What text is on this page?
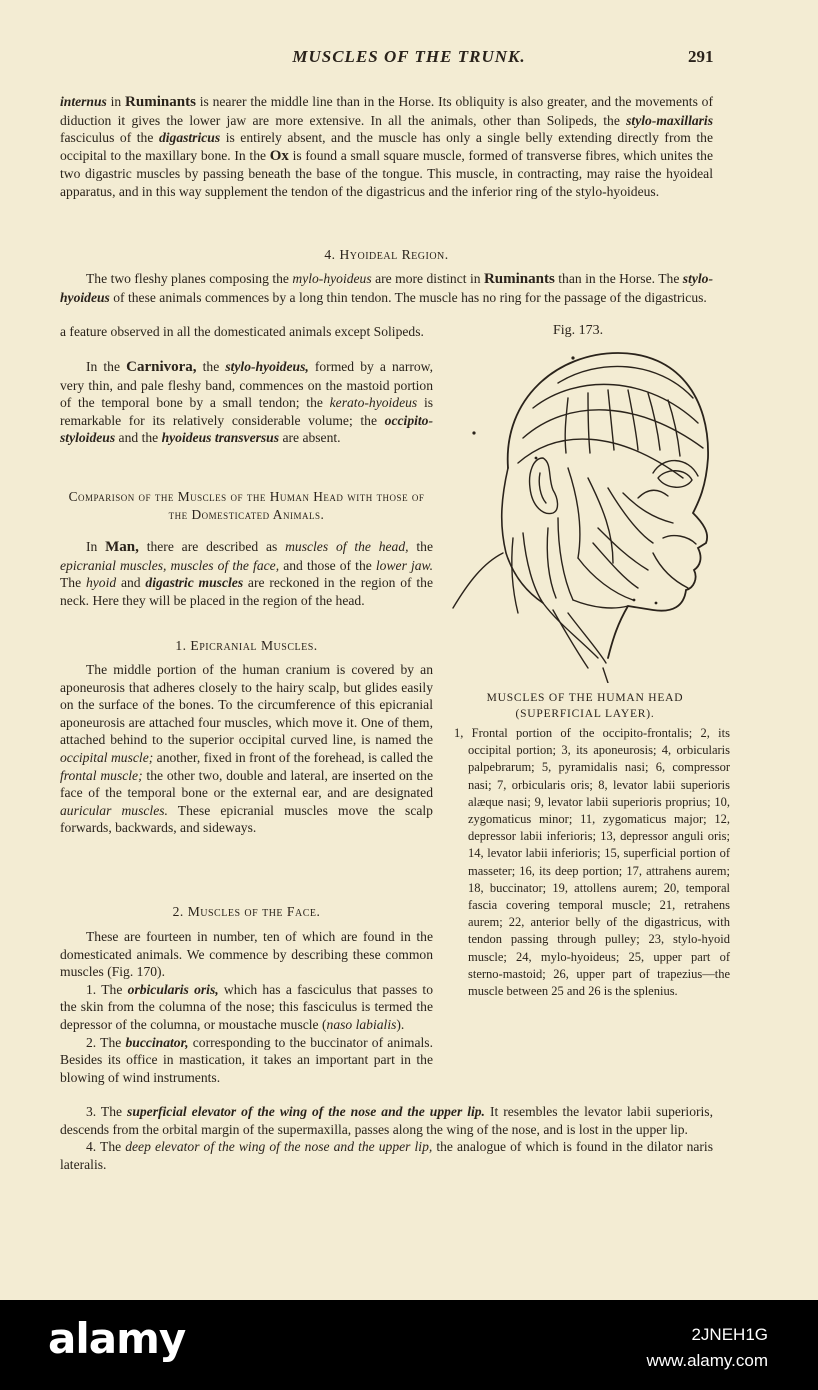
MUSCLES OF THE TRUNK.	291

internus in Ruminants is nearer the middle line than in the Horse. Its obliquity is also greater, and the movements of diduction it gives the lower jaw are more extensive. In all the animals, other than Solipeds, the stylo-maxillaris fasciculus of the digastricus is entirely absent, and the muscle has only a single belly extending directly from the occipital to the maxillary bone. In the Ox is found a small square muscle, formed of transverse fibres, which unites the two digastric muscles by passing beneath the base of the tongue. This muscle, in contracting, may raise the hyoideal apparatus, and in this way supplement the tendon of the digastricus and the inferior ring of the stylo-hyoideus.

4. Hyoideal Region.

The two fleshy planes composing the mylo-hyoideus are more distinct in Ruminants than in the Horse. The stylo-hyoideus of these animals commences by a long thin tendon. The muscle has no ring for the passage of the digastricus.

a feature observed in all the domesticated animals except Solipeds.

In the Carnivora, the stylo-hyoideus, formed by a narrow, very thin, and pale fleshy band, commences on the mastoid portion of the temporal bone by a small tendon; the kerato-hyoideus is remarkable for its relatively considerable volume; the occipito-styloideus and the hyoideus transversus are absent.

Comparison of the Muscles of the Human Head with those of the Domesticated Animals.

In Man, there are described as muscles of the head, the epicranial muscles, muscles of the face, and those of the lower jaw. The hyoid and digastric muscles are reckoned in the region of the neck. Here they will be placed in the region of the head.

1. Epicranial Muscles.

The middle portion of the human cranium is covered by an aponeurosis that adheres closely to the hairy scalp, but glides easily on the surface of the bones. To the circumference of this epicranial aponeurosis are attached four muscles, which move it. One of them, attached behind to the superior occipital curved line, is named the occipital muscle; another, fixed in front of the forehead, is called the frontal muscle; the other two, double and lateral, are inserted on the face of the temporal bone or the external ear, and are designated auricular muscles. These epicranial muscles move the scalp forwards, backwards, and sideways.

2. Muscles of the Face.

These are fourteen in number, ten of which are found in the domesticated animals. We commence by describing these common muscles (Fig. 170).

1. The orbicularis oris, which has a fasciculus that passes to the skin from the columna of the nose; this fasciculus is termed the depressor of the columna, or moustache muscle (naso labialis).

2. The buccinator, corresponding to the buccinator of animals. Besides its office in mastication, it takes an important part in the blowing of wind instruments.

3. The superficial elevator of the wing of the nose and the upper lip. It resembles the levator labii superioris, descends from the orbital margin of the supermaxilla, passes along the wing of the nose, and is lost in the upper lip.

4. The deep elevator of the wing of the nose and the upper lip, the analogue of which is found in the dilator naris lateralis.

Fig. 173.
MUSCLES OF THE HUMAN HEAD
(SUPERFICIAL LAYER).
1, Frontal portion of the occipito-frontalis; 2, its occipital portion; 3, its aponeurosis; 4, orbicularis palpebrarum; 5, pyramidalis nasi; 6, compressor nasi; 7, orbicularis oris; 8, levator labii superioris alæque nasi; 9, levator labii superioris proprius; 10, zygomaticus minor; 11, zygomaticus major; 12, depressor labii inferioris; 13, depressor anguli oris; 14, levator labii inferioris; 15, superficial portion of masseter; 16, its deep portion; 17, attrahens aurem; 18, buccinator; 19, attollens aurem; 20, temporal fascia covering temporal muscle; 21, retrahens aurem; 22, anterior belly of the digastricus, with tendon passing through pulley; 23, stylo-hyoid muscle; 24, mylo-hyoideus; 25, upper part of sterno-mastoid; 26, upper part of trapezius—the muscle between 25 and 26 is the splenius.
alamy	2JNEH1G
www.alamy.com
